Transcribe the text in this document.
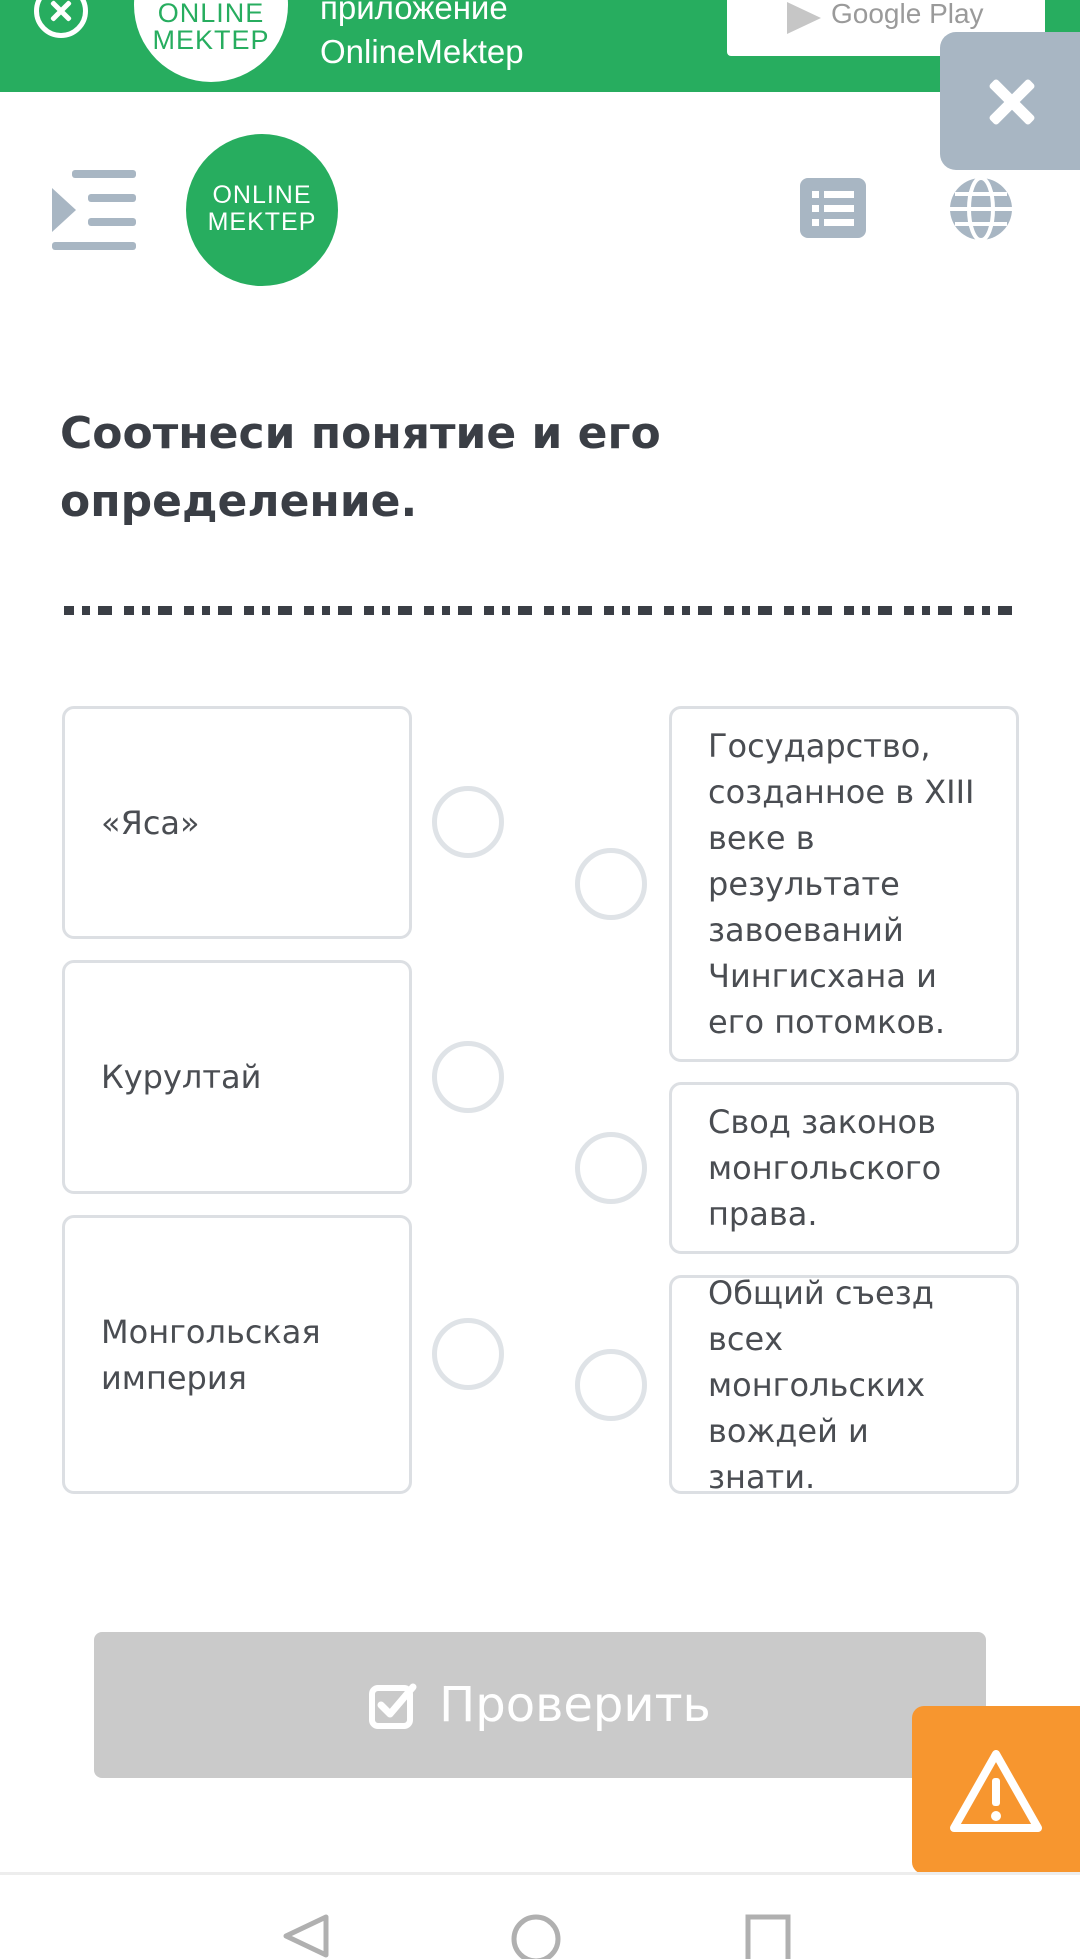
ONLINE
MEKTEP
приложение
OnlineMektep
Google Play
ONLINE
MEKTEP
Соотнеси понятие и его определение.
«Яса»
Курултай
Монгольская империя
Государство, созданное в XIII веке в результате завоеваний Чингисхана и его потомков.
Свод законов монгольского права.
Общий съезд всех монгольских вождей и знати.
Проверить
